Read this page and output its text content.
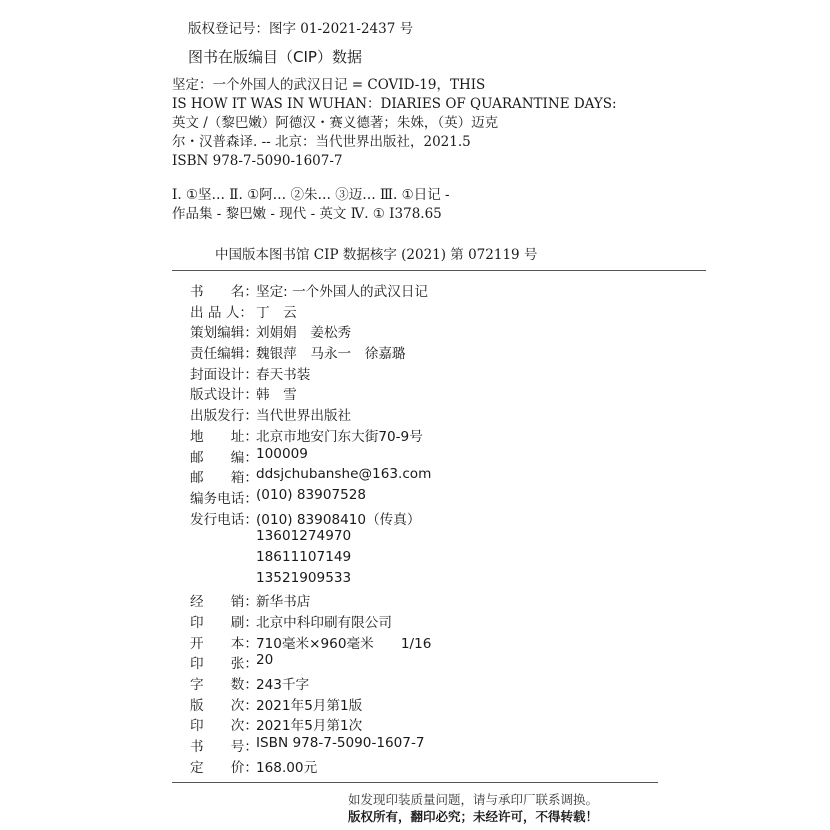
版权登记号：图字 01-2021-2437 号
图书在版编目（CIP）数据
坚定：一个外国人的武汉日记 = COVID-19，THIS
IS HOW IT WAS IN WUHAN：DIARIES OF QUARANTINE DAYS:
英文 /（黎巴嫩）阿德汉・赛义德著；朱姝，（英）迈克
尔・汉普森译. -- 北京：当代世界出版社，2021.5
ISBN 978-7-5090-1607-7
Ⅰ. ①坚… Ⅱ. ①阿… ②朱… ③迈… Ⅲ. ①日记 -
作品集 - 黎巴嫩 - 现代 - 英文 Ⅳ. ① I378.65
中国版本图书馆 CIP 数据核字 (2021) 第 072119 号
书　　名：
坚定: 一个外国人的武汉日记
出 品 人： 丁　云
策划编辑：
刘娟娟　姜松秀
责任编辑：
魏银萍　马永一　徐嘉璐
封面设计：
春天书装
版式设计：
韩　雪
出版发行：
当代世界出版社
地　　址：
北京市地安门东大街70-9号
邮　　编：
100009
邮　　箱：
ddsjchubanshe@163.com
编务电话：
(010) 83907528
发行电话：
(010) 83908410（传真）
13601274970
18611107149
13521909533
经　　销：
新华书店
印　　刷：
北京中科印刷有限公司
开　　本：
710毫米×960毫米　　1/16
印　　张：
20
字　　数：
243千字
版　　次：
2021年5月第1版
印　　次：
2021年5月第1次
书　　号：
ISBN 978-7-5090-1607-7
定　　价：
168.00元
如发现印装质量问题，请与承印厂联系调换。
版权所有，翻印必究；未经许可，不得转载！
